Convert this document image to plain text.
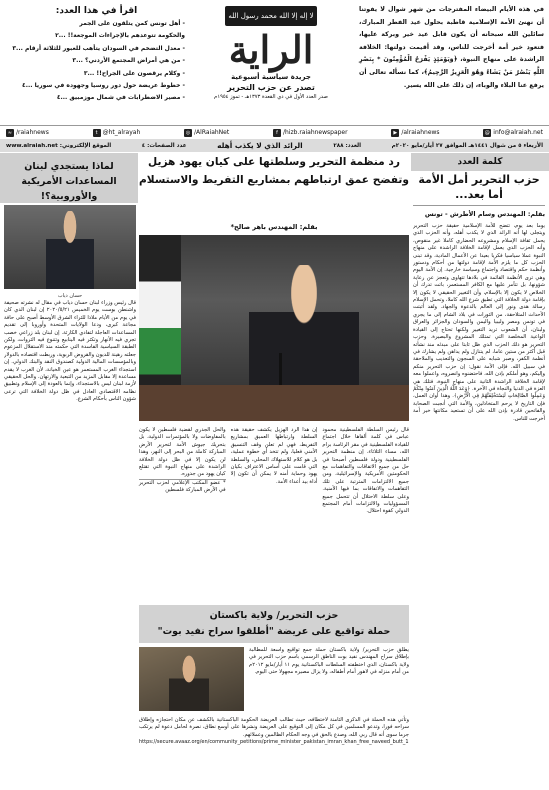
في هذه الأيام البيضاء المفترجات من شهر شوال لا يفوتنا أن نهنئ الأمة الإسلامية قاطبة بحلول عيد الفطر المبارك، سائلين الله سبحانه أن يكون قابل عيد خير وبركة عليها، فتعود خير أمة أخرجت للناس، وقد أقيمت دولتها: الخلافة الراشدة على منهاج النبوة، ﴿وَيَوْمَئِذٍ يَفْرَحُ الْمُؤْمِنُونَ * بِنَصْرِ اللَّهِ يَنْصُرُ مَنْ يَشَاءُ وَهُوَ الْعَزِيزُ الرَّحِيمُ﴾، كما نسأله تعالى أن يرفع عنا البلاء والوباء، إن ذلك على الله يسير.
لا إله إلا الله محمد رسول الله
الراية
جريدة سياسية أسبوعية
تصدر عن حزب التحرير
صدر العدد الأول في ذي القعدة ١٣٧٣هـ - تموز ١٩٥٤م
اقرأ في هذا العدد:
- أهل تونس كمن يتلقون على الجمر
والحكومة تتوعدهم بالإجراءات الموجعة!! ...٢
- معدل التضخم في السودان يتأهب للعبور للثلاثة أرقام ...٣
- من هي أمراض المجتمع الأردني؟ ...٣
- وكلام يرقصون على الجراح!! ...٣
- خطوط عريضة حول دور روسيا وجهوده في سوريا ...٤
- مصير الاضطرابات في شمال موزمبيق ...٤
≈ /raiahnews	t @ht_alrayah	◎ /AlRaiahNet	f /hizb.raiahnewspaper	▶ /alraiahnews	@ info@alraiah.net
الأربعاء ٥ من شوال ١٤٤١هـ الموافق ٢٧ أيار/مايو ٢٠٢٠م
العدد: ٢٨٨
الرائد الذي لا يكذب أهله
عدد الصفحات: ٤
الموقع الإلكتروني: www.alraiah.net
كلمة العدد
حزب التحرير أمل الأمة
أما بعد...
بقلم: المهندس وسام الأطرش - تونس

يوما بعد يوم، تتضح للأمة الإسلامية حقيقة حزب التحرير ويتجلى لها أنه الرائد الذي لا يكذب أهله، وأنه الحزب الذي يحمل ثقافة الإسلام ومشروعه الحضاري كاملا غير منقوص، وأنه الحزب الذي يعمل لإقامة الخلافة الراشدة على منهاج النبوة عملا سياسيا فكريا بعيدا عن الأعمال المادية، وقد تبنى الحزب كل ما يلزم الأمة لإقامة دولتها من أحكام ودستور وأنظمة حكم واقتصاد واجتماع وسياسة خارجية. إن الأمة اليوم وهي ترى الأنظمة القائمة في بلادها تتهاوى وتعجز عن رعاية شؤونها، بل تتآمر عليها مع الكافر المستعمر، باتت تدرك أن الخلاص لا يكون إلا بالإسلام، وأن التغيير الحقيقي لا يكون إلا بإقامة دولة الخلافة التي تطبق شرع الله كاملا، وتحمل الإسلام رسالة هدى ونور إلى العالم بالدعوة والجهاد. ولقد أثبتت الأحداث المتلاحقة، من الثورات في بلاد الشام إلى ما يجري في تونس ومصر وليبيا واليمن والسودان والجزائر والعراق ولبنان، أن الشعوب تريد التغيير ولكنها تحتاج إلى القيادة الواعية المخلصة التي تمتلك المشروع والبصيرة. وحزب التحرير هو ذلك الحزب الذي ظل ثابتا على مبدئه منذ نشأته قبل أكثر من ستين عاما، لم يتنازل ولم يداهن ولم يشارك في أنظمة الكفر، وصبر شبابه على السجون والتعذيب والملاحقة في سبيل الله. فإلى الأمة نقول: إن حزب التحرير منكم وإليكم، وهو أملكم بإذن الله، فاحتضنوه وانصروه، واعملوا معه لإقامة الخلافة الراشدة الثانية على منهاج النبوة، فتلك هي العزة في الدنيا والنجاة في الآخرة. ﴿وَعَدَ اللَّهُ الَّذِينَ آمَنُوا مِنْكُمْ وَعَمِلُوا الصَّالِحَاتِ لَيَسْتَخْلِفَنَّهُمْ فِي الْأَرْضِ﴾. وهذا أوان العمل، فإن التاريخ لا يرحم المتخاذلين، والأمة التي أنجبت الصحابة والفاتحين قادرة بإذن الله على أن تستعيد مكانتها خير أمة أخرجت للناس.

رد منظمة التحرير وسلطتها على كيان يهود هزيل
وتفضح عمق ارتباطهم بمشاريع التفريط والاستسلام
بقلم: المهندس باهر صالح*
قال رئيس السلطة الفلسطينية محمود عباس في كلمة ألقاها خلال اجتماع للقيادة الفلسطينية في مقر الرئاسة برام الله، مساء الثلاثاء، إن منظمة التحرير الفلسطينية ودولة فلسطين أصبحتا في حل من جميع الاتفاقات والتفاهمات مع الحكومتين الأمريكية والإسرائيلية، ومن جميع الالتزامات المترتبة على تلك التفاهمات والاتفاقات بما فيها الأمنية. وعلى سلطة الاحتلال أن تتحمل جميع المسؤوليات والالتزامات أمام المجتمع الدولي كقوة احتلال.
إن هذا الرد الهزيل يكشف حقيقة هذه السلطة وارتباطها العميق بمشاريع التفريط، فهي لم تعلن وقف التنسيق الأمني فعليا، ولم تتخذ أي خطوة عملية، بل هو كلام للاستهلاك المحلي، والسلطة التي قامت على أساس الاعتراف بكيان يهود وحماية أمنه لا يمكن أن تكون إلا أداة بيد أعداء الأمة.
والحل الجذري لقضية فلسطين لا يكون بالمفاوضات ولا بالمؤتمرات الدولية، بل بتحريك جيوش الأمة لتحرير الأرض المباركة كاملة من البحر إلى النهر، وهذا لن يكون إلا في ظل دولة الخلافة الراشدة على منهاج النبوة التي تقتلع كيان يهود من جذوره.
* عضو المكتب الإعلامي لحزب التحرير في الأرض المباركة فلسطين
حزب التحرير/ ولاية باكستان
حملة تواقيع على عريضة "أطلقوا سراح نفيد بوت"
يطلق حزب التحرير/ ولاية باكستان حملة جمع تواقيع واسعة للمطالبة بإطلاق سراح المهندس نفيد بوت الناطق الرسمي باسم حزب التحرير في ولاية باكستان، الذي اختطفته السلطات الباكستانية يوم ١١ أيار/مايو ٢٠١٢م من أمام منزله في لاهور أمام أطفاله، ولا يزال مصيره مجهولا حتى اليوم.
وتأتي هذه الحملة في الذكرى الثامنة لاختطافه، حيث تطالب العريضة الحكومة الباكستانية بالكشف عن مكان احتجازه وإطلاق سراحه فورا، وتدعو المسلمين في كل مكان إلى التوقيع على العريضة ونشرها على أوسع نطاق، نصرة لحامل دعوة لم يرتكب جرما سوى أنه قال ربي الله، وصدع بالحق في وجه الحكام الظالمين وعملائهم.
https://secure.avaaz.org/en/community_petitions/prime_minister_pakistan_imran_khan_free_naveed_butt_1
لماذا يستجدي لبنان
المساعدات الأمريكية والأوروبية؟!
حسان دياب
قال رئيس وزراء لبنان حسان دياب في مقال له نشرته صحيفة واشنطن بوست يوم الخميس ٢٠٢٠/٥/٢١ إن لبنان الذي كان في يوم من الأيام ملاذا للثراء الشرق الأوسط أصبح على حافة مجاعة كبرى، ودعا الولايات المتحدة وأوروبا إلى تقديم المساعدات العاجلة لتفادي الكارثة. إن لبنان بلد زراعي خصب تجري فيه الأنهار وتكثر فيه الينابيع وتتنوع فيه الثروات، ولكن الطبقة السياسية الفاسدة التي حكمته منذ الاستقلال المزعوم جعلته رهينة للديون والقروض الربوية، وربطت اقتصاده بالدولار وبالمؤسسات المالية الدولية كصندوق النقد والبنك الدولي. إن استجداء الغرب المستعمر هو عين الخيانة، لأن الغرب لا يقدم مساعدة إلا مقابل المزيد من التبعية والارتهان. والحل الحقيقي لأزمة لبنان ليس بالاستجداء، وإنما بالعودة إلى الإسلام وتطبيق نظامه الاقتصادي العادل في ظل دولة الخلافة التي ترعى شؤون الناس بأحكام الشرع.
